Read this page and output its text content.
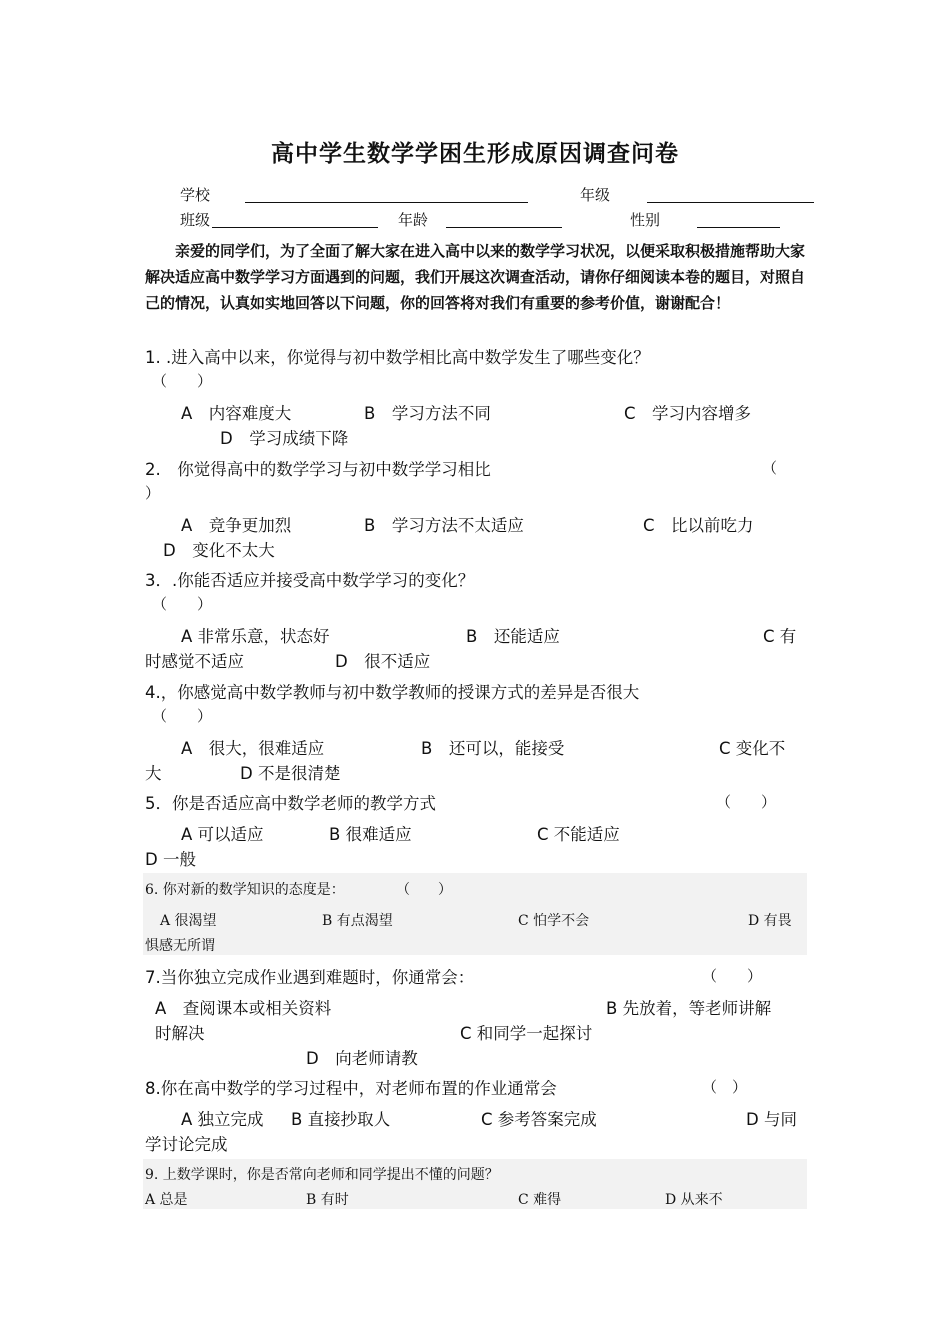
高中学生数学学困生形成原因调查问卷
学校	年级
班级	年龄	性别
亲爱的同学们，为了全面了解大家在进入高中以来的数学学习状况，以便采取积极措施帮助大家解决适应高中数学学习方面遇到的问题，我们开展这次调查活动，请你仔细阅读本卷的题目，对照自己的情况，认真如实地回答以下问题，你的回答将对我们有重要的参考价值，谢谢配合！
1. .进入高中以来，你觉得与初中数学相比高中数学发生了哪些变化？
（　　）
A　内容难度大	B　学习方法不同	C　学习内容增多
D　学习成绩下降
2.　你觉得高中的数学学习与初中数学学习相比	（
）
A　竞争更加烈	B　学习方法不太适应	C　比以前吃力
D　变化不太大
3．.你能否适应并接受高中数学学习的变化？
（　　）
A 非常乐意，状态好	B　还能适应	C 有
时感觉不适应	D　很不适应
4.，你感觉高中数学教师与初中数学教师的授课方式的差异是否很大
（　　）
A　很大，很难适应	B　还可以，能接受	C 变化不
大	D 不是很清楚
5．你是否适应高中数学老师的教学方式	（　　）
A 可以适应	B 很难适应	C 不能适应
D 一般
6. 你对新的数学知识的态度是：	（　　）
A 很渴望	B 有点渴望	C 怕学不会	D 有畏
惧感无所谓
7.当你独立完成作业遇到难题时，你通常会：	（　　）
A　查阅课本或相关资料	B 先放着，等老师讲解
时解决	C 和同学一起探讨
D　向老师请教
8.你在高中数学的学习过程中，对老师布置的作业通常会	（　）
A 独立完成 B 直接抄取人	C 参考答案完成	D 与同
学讨论完成
9. 上数学课时，你是否常向老师和同学提出不懂的问题？
A 总是	B 有时	C 难得	D 从来不
